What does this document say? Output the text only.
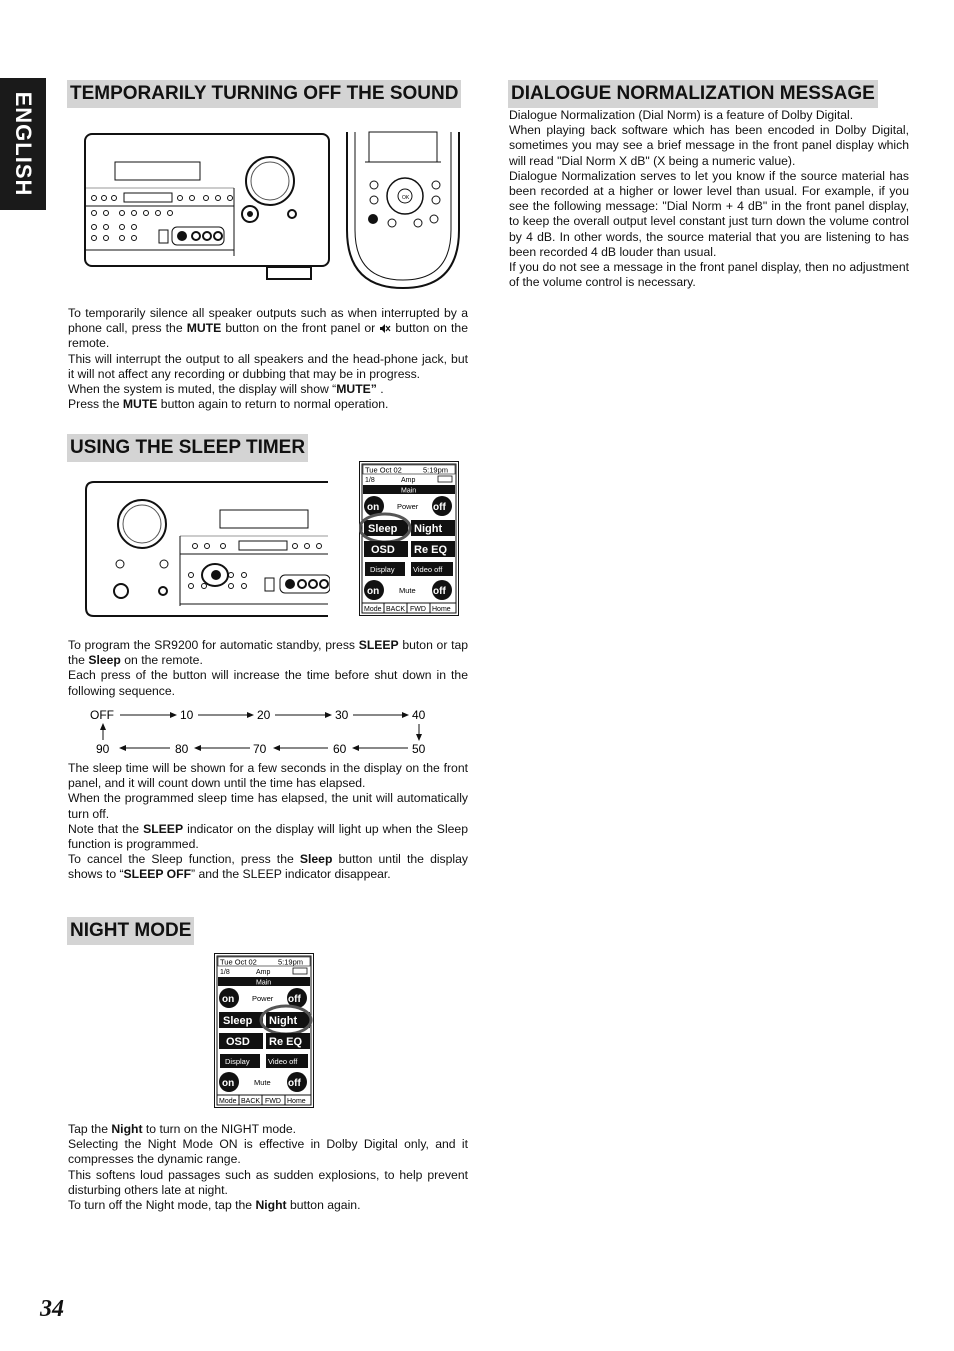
ENGLISH TEMPORARILY TURNING OFF THE SOUND
OK

To temporarily silence all speaker outputs such as when interrupted by a phone call, press the MUTE button on the front panel or  button on the remote.

This will interrupt the output to all speakers and the head-phone jack, but it will not affect any recording or dubbing that may be in progress.

When the system is muted, the display will show “MUTE” .

Press the MUTE button again to return to normal operation.

USING THE SLEEP TIMER
Tue Oct 02	5:19pm
1/8	Amp
Main
on Power off
Sleep Night
OSD Re EQ
Display Video off
on	Mute off
Mode BACK FWD Home

To program the SR9200 for automatic standby, press SLEEP buton or tap the Sleep on the remote.

Each press of the button will increase the time before shut down in the following sequence.

OFF	10	20	30	40
90	80	70	60	50

The sleep time will be shown for a few seconds in the display on the front panel, and it will count down until the time has elapsed.

When the programmed sleep time has elapsed, the unit will automatically turn off.

Note that the SLEEP indicator on the display will light up when the Sleep function is programmed.

To cancel the Sleep function, press the Sleep button until the display shows to “SLEEP OFF” and the SLEEP indicator disappear.

NIGHT MODE
Tue Oct 02	5:19pm
1/8	Amp
Main
on Power off
Sleep Night
OSD Re EQ
Display Video off
on	Mute off
Mode BACK FWD Home

Tap the Night to turn on the NIGHT mode.

Selecting the Night Mode ON is effective in Dolby Digital only, and it compresses the dynamic range.

This softens loud passages such as sudden explosions, to help prevent disturbing others late at night.

To turn off the Night mode, tap the Night button again.

DIALOGUE NORMALIZATION MESSAGE

Dialogue Normalization (Dial Norm) is a feature of Dolby Digital.

When playing back software which has been encoded in Dolby Digital, sometimes you may see a brief message in the front panel display which will read "Dial Norm X dB" (X being a numeric value).

Dialogue Normalization serves to let you know if the source material has been recorded at a higher or lower level than usual. For example, if you see the following message: "Dial Norm + 4 dB" in the front panel display, to keep the overall output level constant just turn down the volume control by 4 dB. In other words, the source material that you are listening to has been recorded 4 dB louder than usual.

If you do not see a message in the front panel display, then no adjustment of the volume control is necessary.

34
